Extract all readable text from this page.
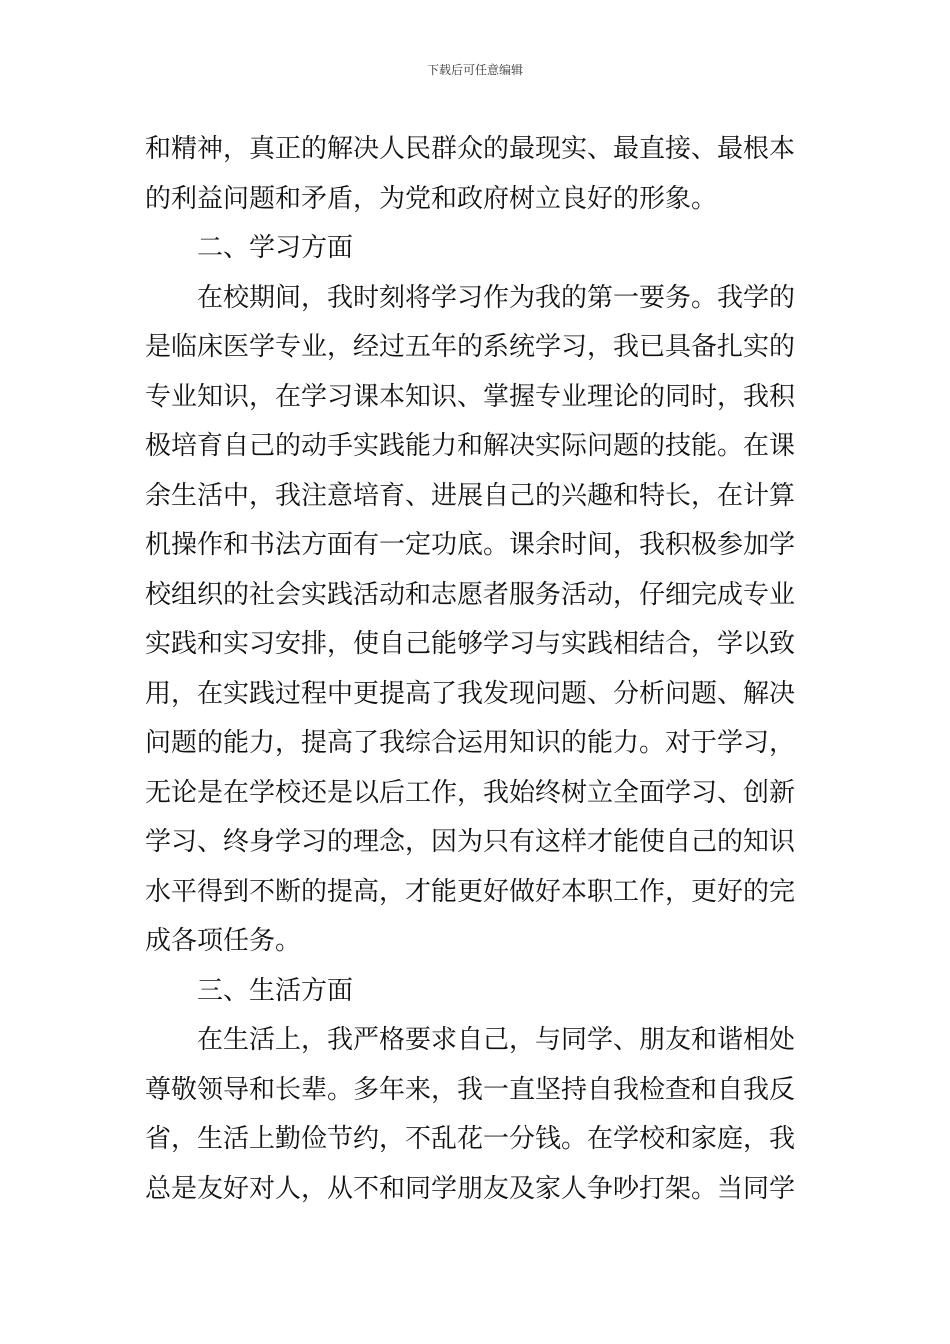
下载后可任意编辑
和精神，真正的解决人民群众的最现实、最直接、最根本
的利益问题和矛盾，为党和政府树立良好的形象。
二、学习方面
在校期间，我时刻将学习作为我的第一要务。我学的
是临床医学专业，经过五年的系统学习，我已具备扎实的
专业知识，在学习课本知识、掌握专业理论的同时，我积
极培育自己的动手实践能力和解决实际问题的技能。在课
余生活中，我注意培育、进展自己的兴趣和特长，在计算
机操作和书法方面有一定功底。课余时间，我积极参加学
校组织的社会实践活动和志愿者服务活动，仔细完成专业
实践和实习安排，使自己能够学习与实践相结合，学以致
用，在实践过程中更提高了我发现问题、分析问题、解决
问题的能力，提高了我综合运用知识的能力。对于学习，
无论是在学校还是以后工作，我始终树立全面学习、创新
学习、终身学习的理念，因为只有这样才能使自己的知识
水平得到不断的提高，才能更好做好本职工作，更好的完
成各项任务。
三、生活方面
在生活上，我严格要求自己，与同学、朋友和谐相处
尊敬领导和长辈。多年来，我一直坚持自我检查和自我反
省，生活上勤俭节约，不乱花一分钱。在学校和家庭，我
总是友好对人，从不和同学朋友及家人争吵打架。当同学
